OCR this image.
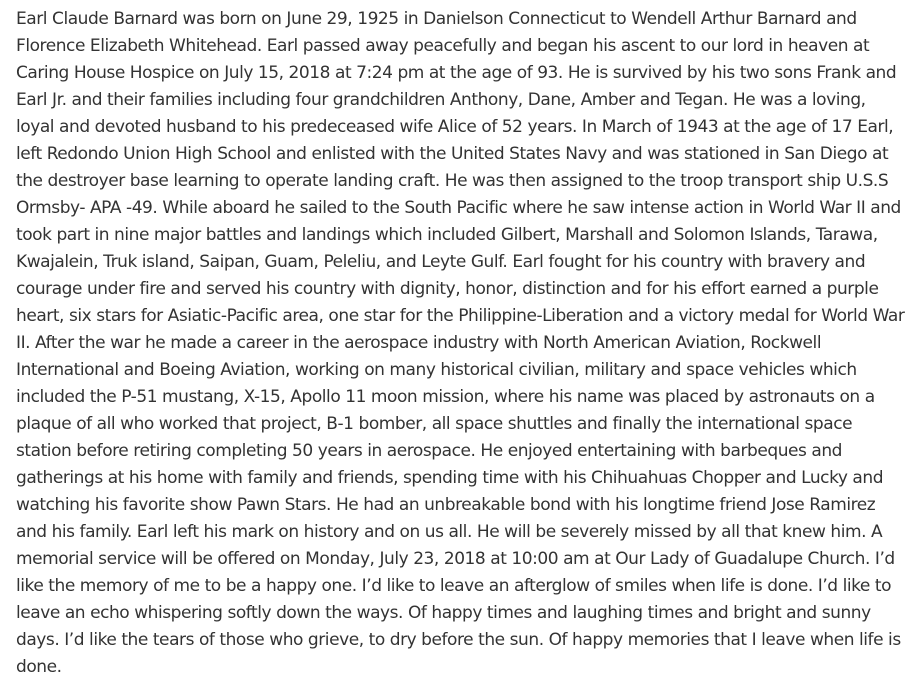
Earl Claude Barnard was born on June 29, 1925 in Danielson Connecticut to Wendell Arthur Barnard and Florence Elizabeth Whitehead. Earl passed away peacefully and began his ascent to our lord in heaven at Caring House Hospice on July 15, 2018 at 7:24 pm at the age of 93. He is survived by his two sons Frank and Earl Jr. and their families including four grandchildren Anthony, Dane, Amber and Tegan. He was a loving, loyal and devoted husband to his predeceased wife Alice of 52 years. In March of 1943 at the age of 17 Earl, left Redondo Union High School and enlisted with the United States Navy and was stationed in San Diego at the destroyer base learning to operate landing craft. He was then assigned to the troop transport ship U.S.S Ormsby- APA -49. While aboard he sailed to the South Pacific where he saw intense action in World War II and took part in nine major battles and landings which included Gilbert, Marshall and Solomon Islands, Tarawa, Kwajalein, Truk island, Saipan, Guam, Peleliu, and Leyte Gulf. Earl fought for his country with bravery and courage under fire and served his country with dignity, honor, distinction and for his effort earned a purple heart, six stars for Asiatic-Pacific area, one star for the Philippine-Liberation and a victory medal for World War II. After the war he made a career in the aerospace industry with North American Aviation, Rockwell International and Boeing Aviation, working on many historical civilian, military and space vehicles which included the P-51 mustang, X-15, Apollo 11 moon mission, where his name was placed by astronauts on a plaque of all who worked that project, B-1 bomber, all space shuttles and finally the international space station before retiring completing 50 years in aerospace. He enjoyed entertaining with barbeques and gatherings at his home with family and friends, spending time with his Chihuahuas Chopper and Lucky and watching his favorite show Pawn Stars. He had an unbreakable bond with his longtime friend Jose Ramirez and his family. Earl left his mark on history and on us all. He will be severely missed by all that knew him. A memorial service will be offered on Monday, July 23, 2018 at 10:00 am at Our Lady of Guadalupe Church. I’d like the memory of me to be a happy one. I’d like to leave an afterglow of smiles when life is done. I’d like to leave an echo whispering softly down the ways. Of happy times and laughing times and bright and sunny days. I’d like the tears of those who grieve, to dry before the sun. Of happy memories that I leave when life is done.
